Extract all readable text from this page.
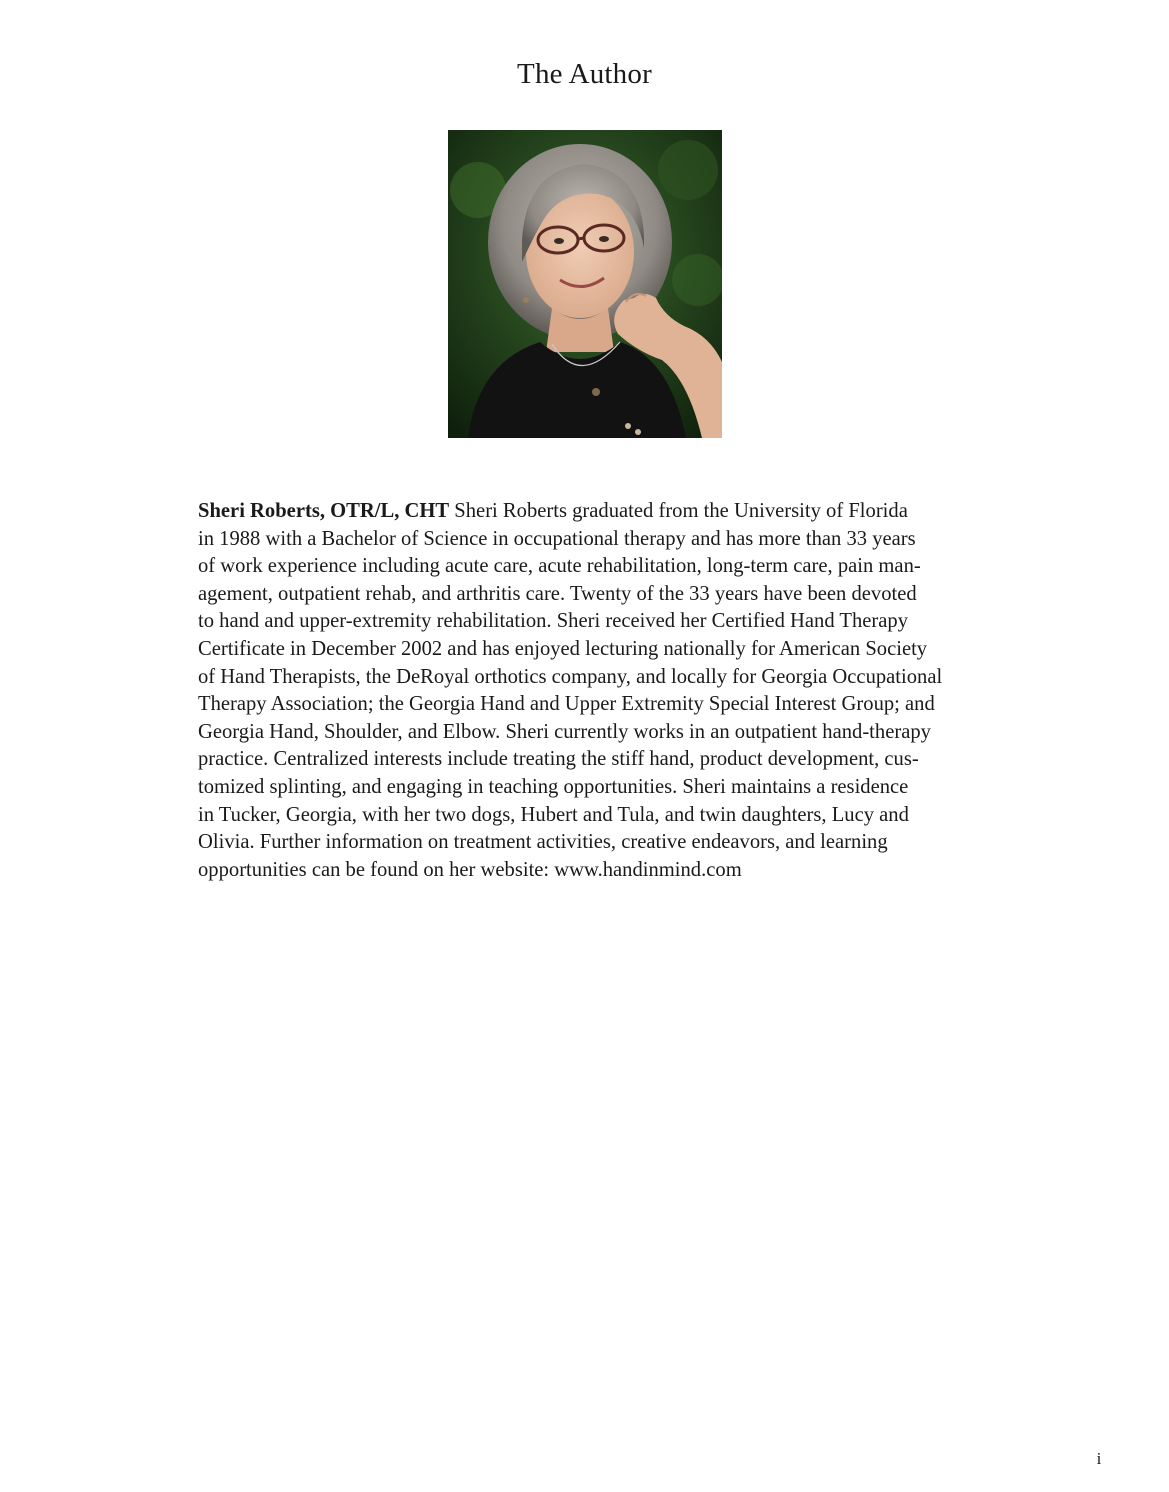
The Author

Sheri Roberts, OTR/L, CHT Sheri Roberts graduated from the University of Florida
in 1988 with a Bachelor of Science in occupational therapy and has more than 33 years
of work experience including acute care, acute rehabilitation, long-term care, pain man-
agement, outpatient rehab, and arthritis care. Twenty of the 33 years have been devoted
to hand and upper-extremity rehabilitation. Sheri received her Certified Hand Therapy
Certificate in December 2002 and has enjoyed lecturing nationally for American Society
of Hand Therapists, the DeRoyal orthotics company, and locally for Georgia Occupational
Therapy Association; the Georgia Hand and Upper Extremity Special Interest Group; and
Georgia Hand, Shoulder, and Elbow. Sheri currently works in an outpatient hand-therapy
practice. Centralized interests include treating the stiff hand, product development, cus-
tomized splinting, and engaging in teaching opportunities. Sheri maintains a residence
in Tucker, Georgia, with her two dogs, Hubert and Tula, and twin daughters, Lucy and
Olivia. Further information on treatment activities, creative endeavors, and learning
opportunities can be found on her website: www.handinmind.com

i
